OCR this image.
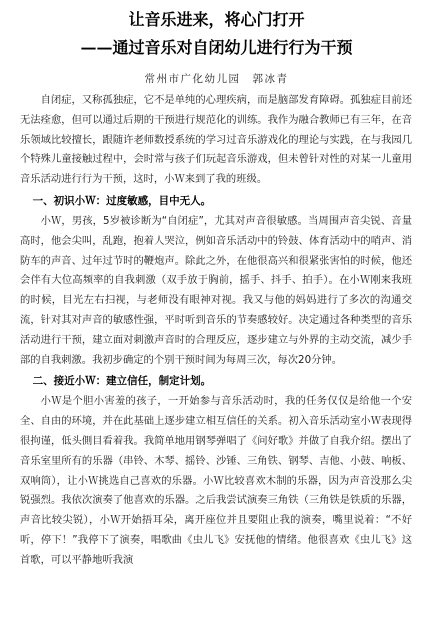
让音乐进来，将心门打开
——通过音乐对自闭幼儿进行行为干预
常州市广化幼儿园　郭冰青

自闭症，又称孤独症，它不是单纯的心理疾病，而是脑部发育障碍。孤独症目前还无法痊愈，但可以通过后期的干预进行规范化的训练。我作为融合教师已有三年，在音乐领域比较擅长，跟随许老师数授系统的学习过音乐游戏化的理论与实践，在与我园几个特殊儿童接触过程中，会时常与孩子们玩起音乐游戏，但未曾针对性的对某一儿童用音乐活动进行行为干预，这时，小Ｗ来到了我的班级。

一、初识小Ｗ：过度敏感，目中无人。

小Ｗ，男孩，5岁被诊断为“自闭症”，尤其对声音很敏感。当周围声音尖锐、音量高时，他会尖叫，乱跑，抱着人哭泣，例如音乐活动中的铃鼓、体育活动中的哨声、消防车的声音、过年过节时的鞭炮声。除此之外，在他很高兴和很紧张害怕的时候，他还会伴有大位高频率的自我刺激（双手放于胸前，摇手、抖手、拍手）。在小Ｗ刚来我班的时候，目光左右扫视，与老师没有眼神对视。我又与他的妈妈进行了多次的沟通交流，针对其对声音的敏感性强，平时听到音乐的节奏感较好。决定通过各种类型的音乐活动进行干预，建立面对刺激声音时的合理反应，逐步建立与外界的主动交流，减少手部的自我刺激。我初步确定的个别干预时间为每周三次，每次20分钟。

二、接近小Ｗ：建立信任，制定计划。

小Ｗ是个胆小害羞的孩子，一开始参与音乐活动时，我的任务仅仅是给他一个安全、自由的环境，并在此基础上逐步建立相互信任的关系。初入音乐活动室小Ｗ表现得很拘谨，低头側目看着我。我简单地用钢琴弹唱了《问好歌》并做了自我介绍。摆出了音乐室里所有的乐器（串铃、木琴、摇铃、沙锤、三角铁、钢琴、吉他、小鼓、响板、双响筒），让小Ｗ挑选自己喜欢的乐器。小Ｗ比较喜欢木制的乐器，因为声音没那么尖锐强烈。我依次演奏了他喜欢的乐器。之后我尝试演奏三角铁（三角铁是铁质的乐器，声音比较尖锐），小Ｗ开始捂耳朵，离开座位并且要阻止我的演奏，嘴里说着：“不好听，停下！”我停下了演奏，唱歌曲《虫儿飞》安抚他的情绪。他很喜欢《虫儿飞》这首歌，可以平静地听我演
